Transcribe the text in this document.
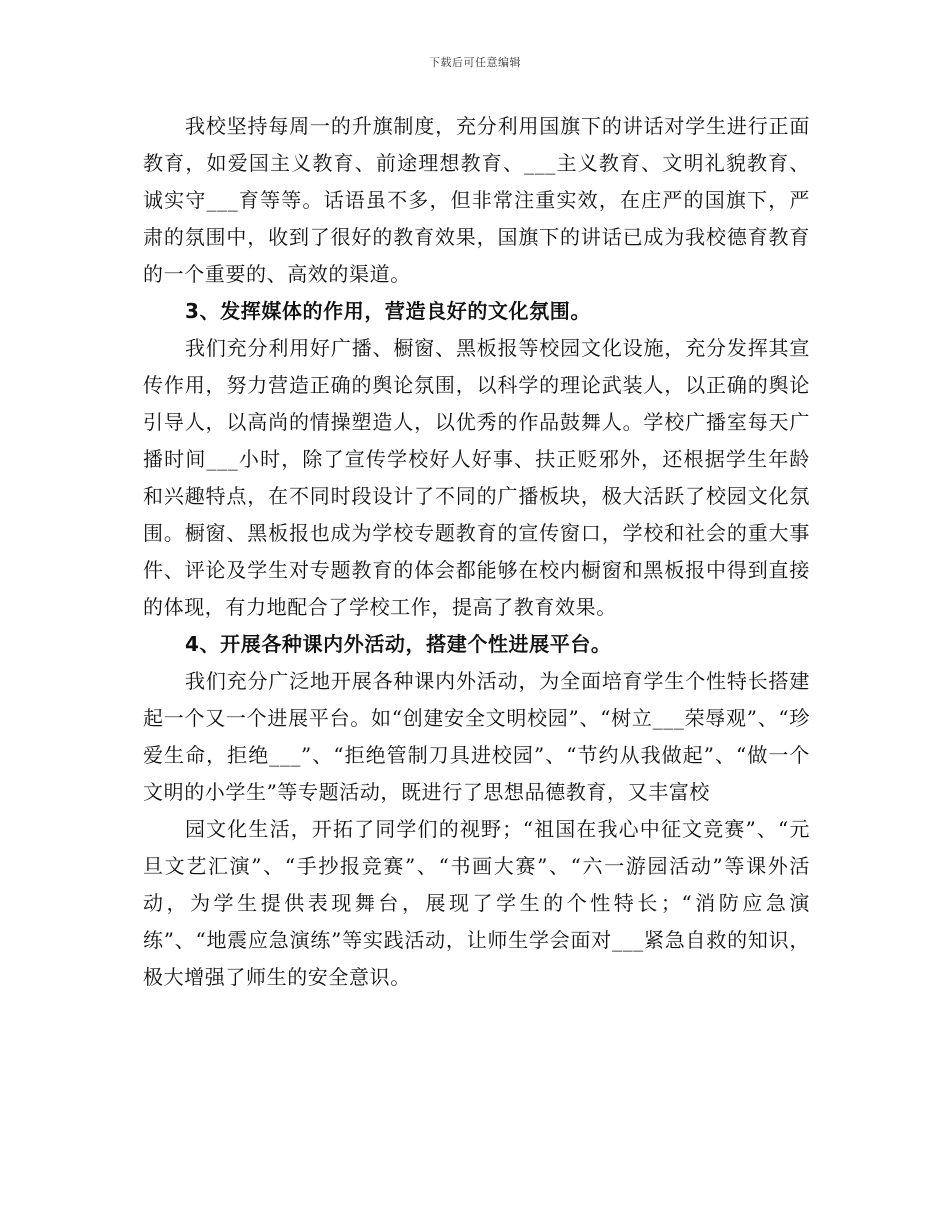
下载后可任意编辑

我校坚持每周一的升旗制度，充分利用国旗下的讲话对学生进行正面教育，如爱国主义教育、前途理想教育、___主义教育、文明礼貌教育、诚实守___育等等。话语虽不多，但非常注重实效，在庄严的国旗下，严肃的氛围中，收到了很好的教育效果，国旗下的讲话已成为我校德育教育的一个重要的、高效的渠道。

3、发挥媒体的作用，营造良好的文化氛围。

我们充分利用好广播、橱窗、黑板报等校园文化设施，充分发挥其宣传作用，努力营造正确的舆论氛围，以科学的理论武装人，以正确的舆论引导人，以高尚的情操塑造人，以优秀的作品鼓舞人。学校广播室每天广播时间___小时，除了宣传学校好人好事、扶正贬邪外，还根据学生年龄和兴趣特点，在不同时段设计了不同的广播板块，极大活跃了校园文化氛围。橱窗、黑板报也成为学校专题教育的宣传窗口，学校和社会的重大事件、评论及学生对专题教育的体会都能够在校内橱窗和黑板报中得到直接的体现，有力地配合了学校工作，提高了教育效果。

4、开展各种课内外活动，搭建个性进展平台。

我们充分广泛地开展各种课内外活动，为全面培育学生个性特长搭建起一个又一个进展平台。如“创建安全文明校园”、“树立___荣辱观”、“珍爱生命，拒绝___”、“拒绝管制刀具进校园”、“节约从我做起”、“做一个文明的小学生”等专题活动，既进行了思想品德教育，又丰富校

园文化生活，开拓了同学们的视野；“祖国在我心中征文竞赛”、“元旦文艺汇演”、“手抄报竞赛”、“书画大赛”、“六一游园活动”等课外活动，为学生提供表现舞台，展现了学生的个性特长；“消防应急演练”、“地震应急演练”等实践活动，让师生学会面对___紧急自救的知识，极大增强了师生的安全意识。
